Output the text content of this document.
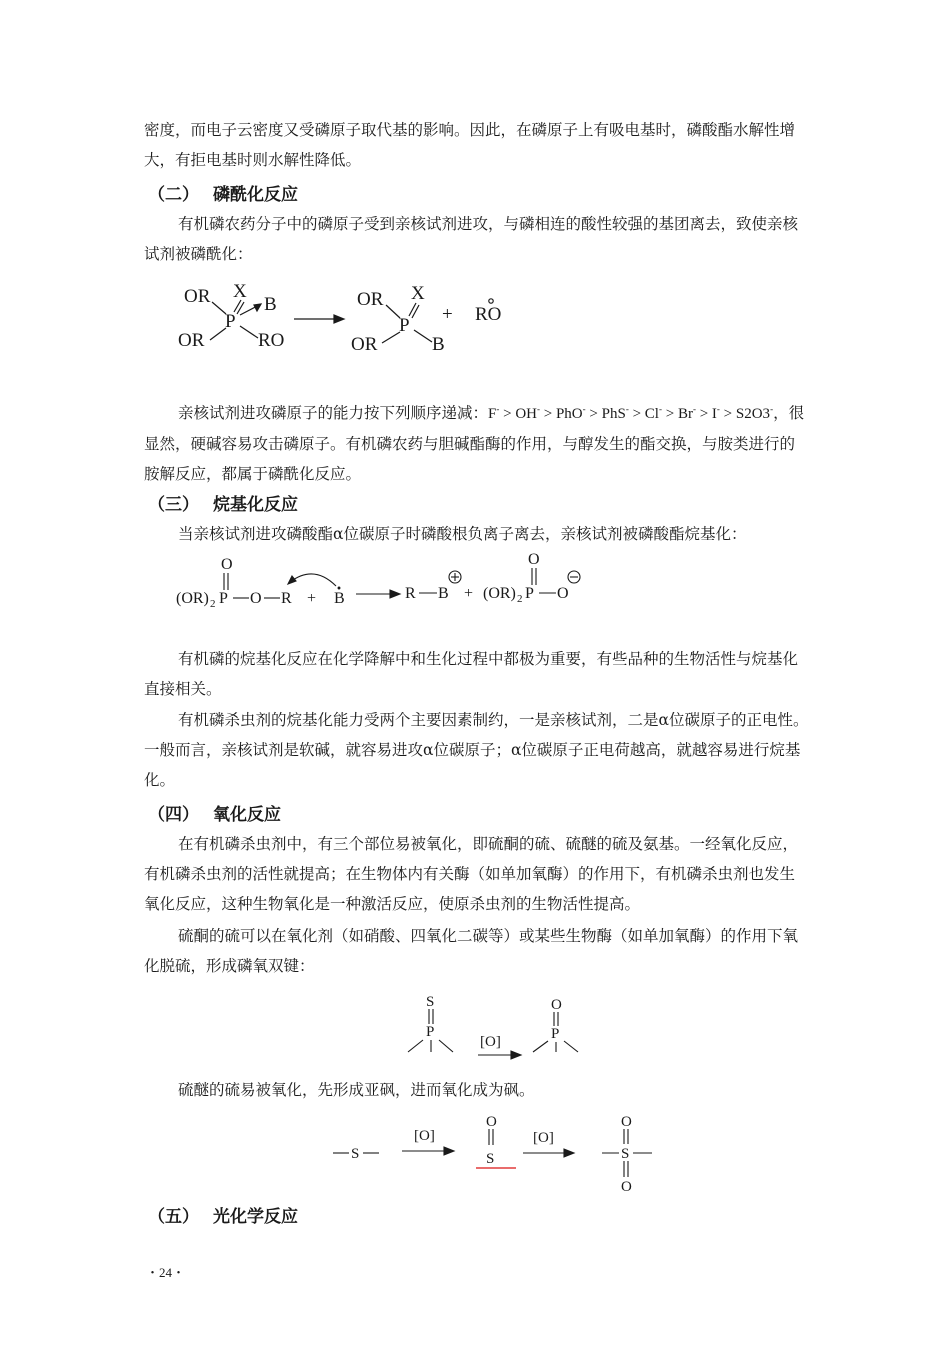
密度，而电子云密度又受磷原子取代基的影响。因此，在磷原子上有吸电基时，磷酸酯水解性增大，有拒电基时则水解性降低。

（二） 磷酰化反应

有机磷农药分子中的磷原子受到亲核试剂进攻，与磷相连的酸性较强的基团离去，致使亲核试剂被磷酰化：

OR X
B
P
OR	RO
OR X
P
OR	B
+ RO

亲核试剂进攻磷原子的能力按下列顺序递减：F- > OH- > PhO- > PhS- > Cl- > Br- > I- > S2O3-，很显然，硬碱容易攻击磷原子。有机磷农药与胆碱酯酶的作用，与醇发生的酯交换，与胺类进行的胺解反应，都属于磷酰化反应。

（三） 烷基化反应

当亲核试剂进攻磷酸酯α位碳原子时磷酸根负离子离去，亲核试剂被磷酸酯烷基化：

O
(OR) 2 P O R + B	R B + (OR) 2 P
O
O

有机磷的烷基化反应在化学降解中和生化过程中都极为重要，有些品种的生物活性与烷基化直接相关。

有机磷杀虫剂的烷基化能力受两个主要因素制约，一是亲核试剂，二是α位碳原子的正电性。一般而言，亲核试剂是软碱，就容易进攻α位碳原子；α位碳原子正电荷越高，就越容易进行烷基化。

（四） 氧化反应

在有机磷杀虫剂中，有三个部位易被氧化，即硫酮的硫、硫醚的硫及氨基。一经氧化反应，有机磷杀虫剂的活性就提高；在生物体内有关酶（如单加氧酶）的作用下，有机磷杀虫剂也发生氧化反应，这种生物氧化是一种激活反应，使原杀虫剂的生物活性提高。

硫酮的硫可以在氧化剂（如硝酸、四氧化二碳等）或某些生物酶（如单加氧酶）的作用下氧化脱硫，形成磷氧双键：

S
P
[O]
O
P

硫醚的硫易被氧化，先形成亚砜，进而氧化成为砜。

S
[O]
O
S
[O]
O
S
O
（五） 光化学反应

・24・
